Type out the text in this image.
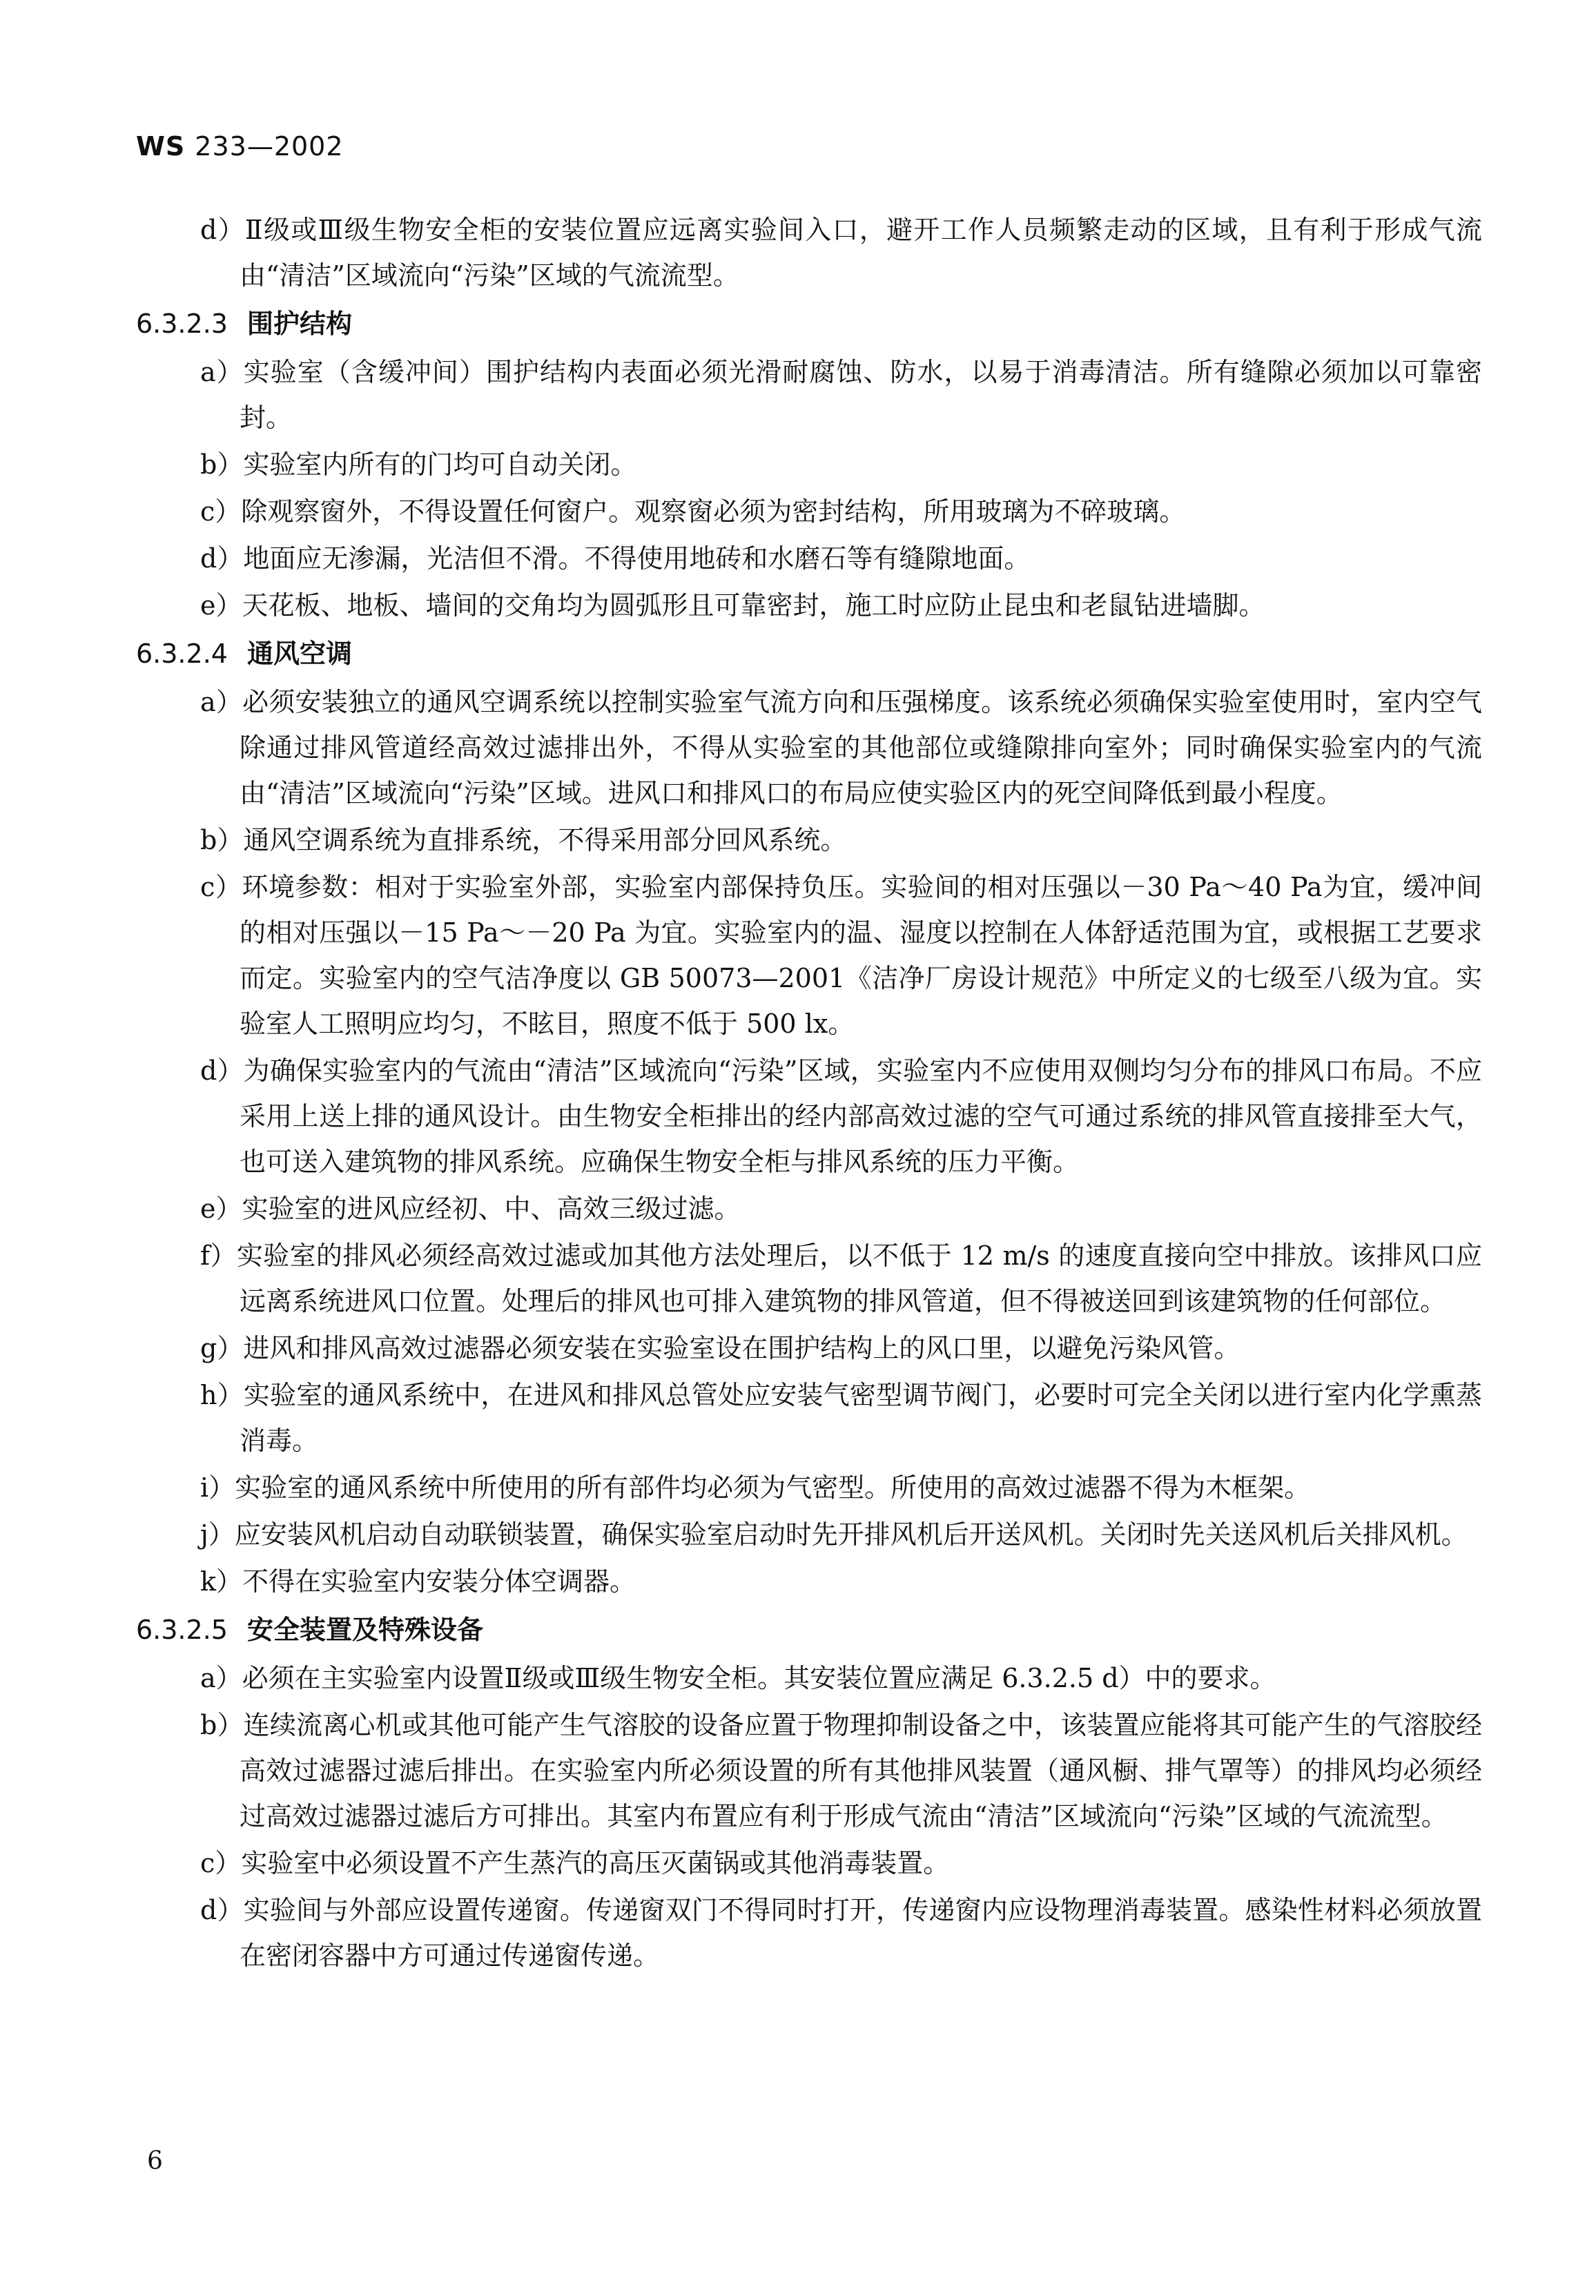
WS 233—2002
d）Ⅱ级或Ⅲ级生物安全柜的安装位置应远离实验间入口，避开工作人员频繁走动的区域，且有利于形成气流由“清洁”区域流向“污染”区域的气流流型。
6.3.2.3 围护结构
a）实验室（含缓冲间）围护结构内表面必须光滑耐腐蚀、防水，以易于消毒清洁。所有缝隙必须加以可靠密封。
b）实验室内所有的门均可自动关闭。
c）除观察窗外，不得设置任何窗户。观察窗必须为密封结构，所用玻璃为不碎玻璃。
d）地面应无渗漏，光洁但不滑。不得使用地砖和水磨石等有缝隙地面。
e）天花板、地板、墙间的交角均为圆弧形且可靠密封，施工时应防止昆虫和老鼠钻进墙脚。
6.3.2.4 通风空调
a）必须安装独立的通风空调系统以控制实验室气流方向和压强梯度。该系统必须确保实验室使用时，室内空气除通过排风管道经高效过滤排出外，不得从实验室的其他部位或缝隙排向室外；同时确保实验室内的气流由“清洁”区域流向“污染”区域。进风口和排风口的布局应使实验区内的死空间降低到最小程度。
b）通风空调系统为直排系统，不得采用部分回风系统。
c）环境参数：相对于实验室外部，实验室内部保持负压。实验间的相对压强以－30 Pa～40 Pa为宜，缓冲间的相对压强以－15 Pa～－20 Pa 为宜。实验室内的温、湿度以控制在人体舒适范围为宜，或根据工艺要求而定。实验室内的空气洁净度以 GB 50073—2001《洁净厂房设计规范》中所定义的七级至八级为宜。实验室人工照明应均匀，不眩目，照度不低于 500 lx。
d）为确保实验室内的气流由“清洁”区域流向“污染”区域，实验室内不应使用双侧均匀分布的排风口布局。不应采用上送上排的通风设计。由生物安全柜排出的经内部高效过滤的空气可通过系统的排风管直接排至大气，也可送入建筑物的排风系统。应确保生物安全柜与排风系统的压力平衡。
e）实验室的进风应经初、中、高效三级过滤。
f）实验室的排风必须经高效过滤或加其他方法处理后，以不低于 12 m/s 的速度直接向空中排放。该排风口应远离系统进风口位置。处理后的排风也可排入建筑物的排风管道，但不得被送回到该建筑物的任何部位。
g）进风和排风高效过滤器必须安装在实验室设在围护结构上的风口里，以避免污染风管。
h）实验室的通风系统中，在进风和排风总管处应安装气密型调节阀门，必要时可完全关闭以进行室内化学熏蒸消毒。
i）实验室的通风系统中所使用的所有部件均必须为气密型。所使用的高效过滤器不得为木框架。
j）应安装风机启动自动联锁装置，确保实验室启动时先开排风机后开送风机。关闭时先关送风机后关排风机。
k）不得在实验室内安装分体空调器。
6.3.2.5 安全装置及特殊设备
a）必须在主实验室内设置Ⅱ级或Ⅲ级生物安全柜。其安装位置应满足 6.3.2.5 d）中的要求。
b）连续流离心机或其他可能产生气溶胶的设备应置于物理抑制设备之中，该装置应能将其可能产生的气溶胶经高效过滤器过滤后排出。在实验室内所必须设置的所有其他排风装置（通风橱、排气罩等）的排风均必须经过高效过滤器过滤后方可排出。其室内布置应有利于形成气流由“清洁”区域流向“污染”区域的气流流型。
c）实验室中必须设置不产生蒸汽的高压灭菌锅或其他消毒装置。
d）实验间与外部应设置传递窗。传递窗双门不得同时打开，传递窗内应设物理消毒装置。感染性材料必须放置在密闭容器中方可通过传递窗传递。
6
